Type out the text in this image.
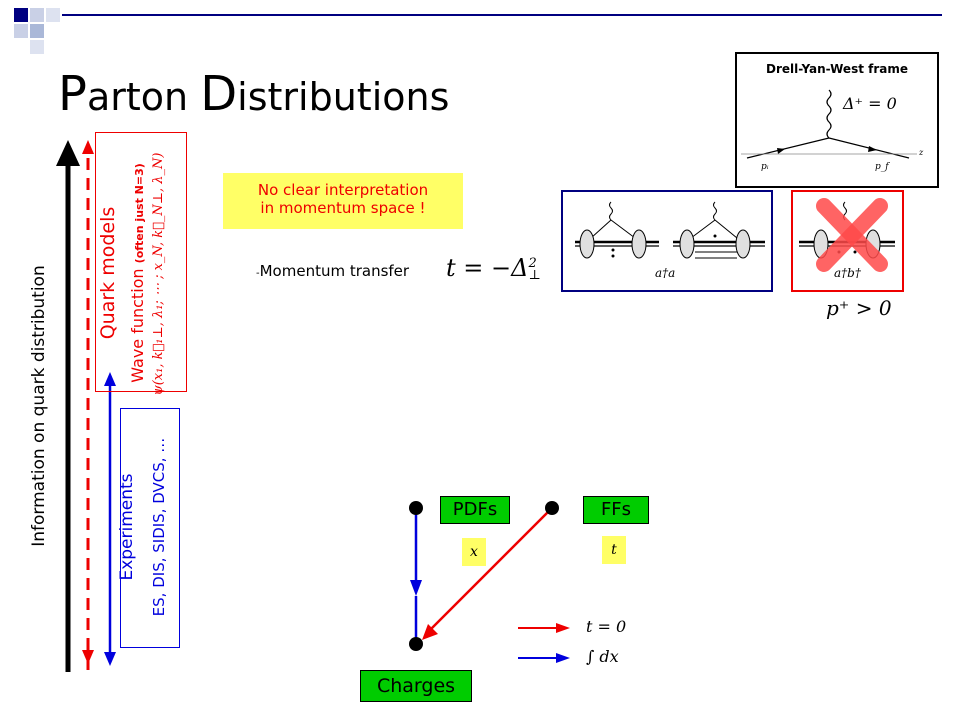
Parton Distributions
Drell-Yan-West frame
Δ⁺ = 0
pᵢ	p_f
z
Information on quark distribution	Quark models Wave function (often just N=3) ψ(x₁, k⃗₁⊥, λ₁; ⋯ ; x_N, k⃗_N⊥, λ_N)
Experiments ES, DIS, SIDIS, DVCS, …
No clear interpretation
in momentum space !
-Momentum transfer t = −Δ 2
⊥	a†a	a†b†
p⁺ > 0
PDFs	FFs
Charges
x	t
t = 0
∫ dx
